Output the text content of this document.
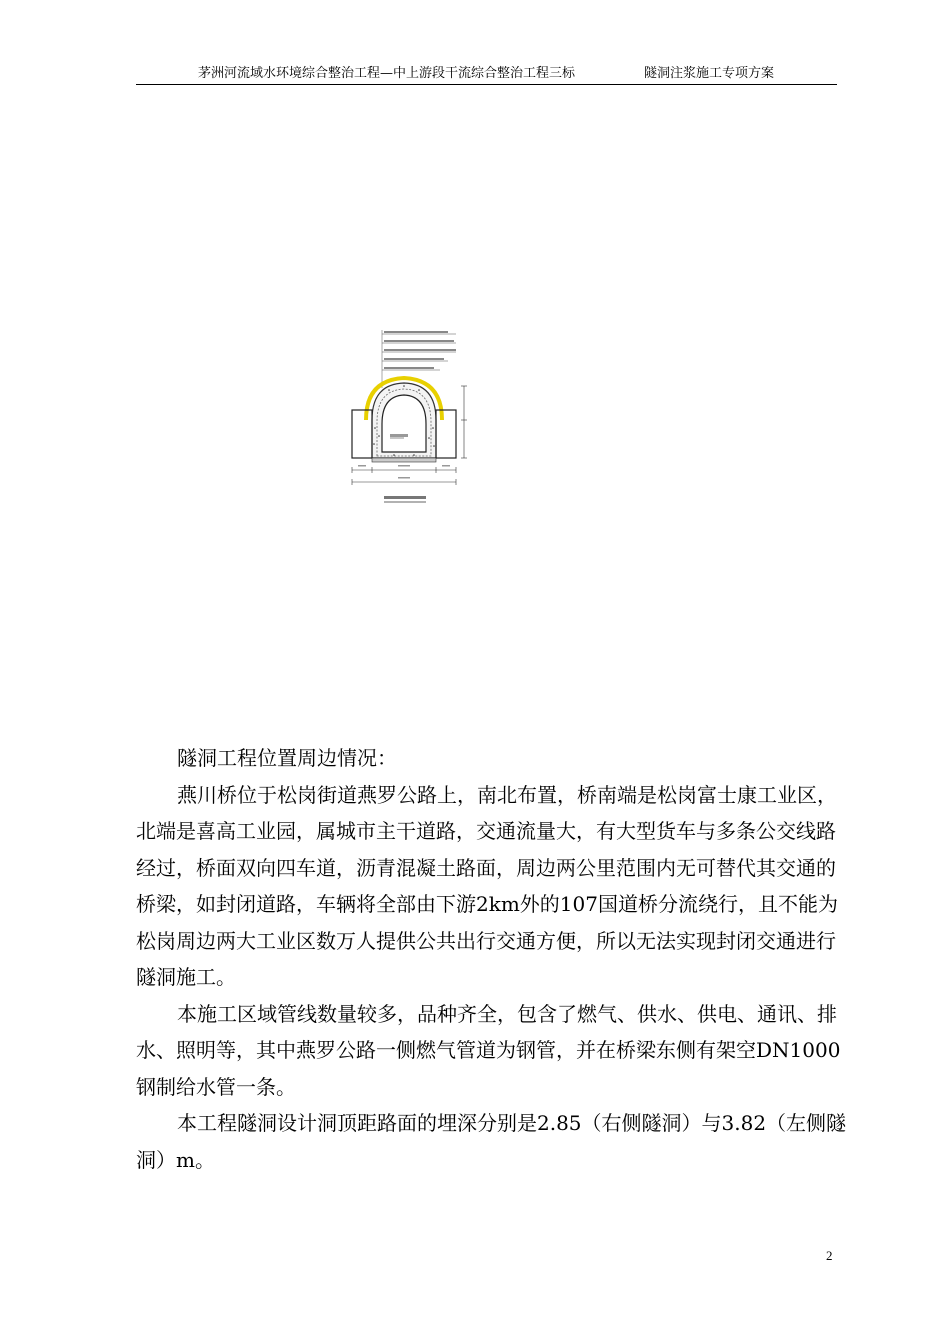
茅洲河流域水环境综合整治工程—中上游段干流综合整治工程三标	隧洞注浆施工专项方案

隧洞工程位置周边情况：

燕川桥位于松岗街道燕罗公路上，南北布置，桥南端是松岗富士康工业区，北端是喜高工业园，属城市主干道路，交通流量大，有大型货车与多条公交线路经过，桥面双向四车道，沥青混凝土路面，周边两公里范围内无可替代其交通的桥梁，如封闭道路，车辆将全部由下游2km外的107国道桥分流绕行，且不能为松岗周边两大工业区数万人提供公共出行交通方便，所以无法实现封闭交通进行隧洞施工。

本施工区域管线数量较多，品种齐全，包含了燃气、供水、供电、通讯、排水、照明等，其中燕罗公路一侧燃气管道为钢管，并在桥梁东侧有架空DN1000钢制给水管一条。

本工程隧洞设计洞顶距路面的埋深分别是2.85（右侧隧洞）与3.82（左侧隧洞）m。

2
